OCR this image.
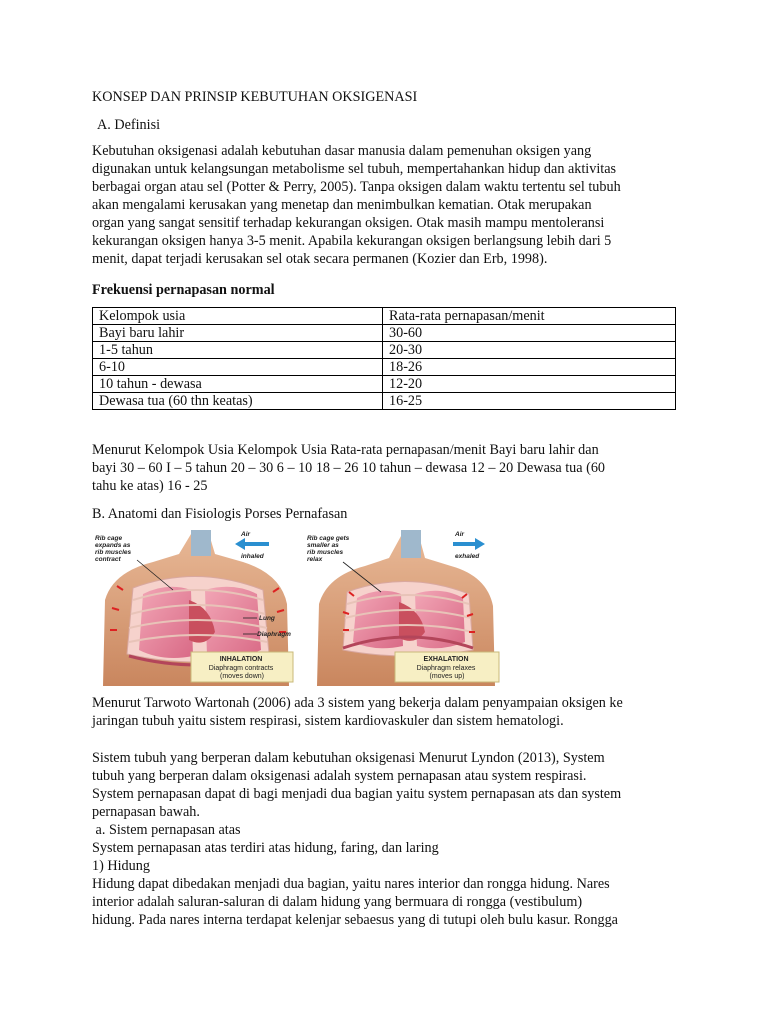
KONSEP DAN PRINSIP KEBUTUHAN OKSIGENASI

A. Definisi

Kebutuhan oksigenasi adalah kebutuhan dasar manusia dalam pemenuhan oksigen yang

digunakan untuk kelangsungan metabolisme sel tubuh, mempertahankan hidup dan aktivitas

berbagai organ atau sel (Potter & Perry, 2005). Tanpa oksigen dalam waktu tertentu sel tubuh

akan mengalami kerusakan yang menetap dan menimbulkan kematian. Otak merupakan

organ yang sangat sensitif terhadap kekurangan oksigen. Otak masih mampu mentoleransi

kekurangan oksigen hanya 3-5 menit. Apabila kekurangan oksigen berlangsung lebih dari 5

menit, dapat terjadi kerusakan sel otak secara permanen (Kozier dan Erb, 1998).

Frekuensi pernapasan normal

Kelompok usia	Rata-rata pernapasan/menit
Bayi baru lahir	30-60
1-5 tahun	20-30
6-10	18-26
10 tahun - dewasa	12-20
Dewasa tua (60 thn keatas)	16-25

Menurut Kelompok Usia Kelompok Usia Rata-rata pernapasan/menit Bayi baru lahir dan

bayi 30 – 60 I – 5 tahun 20 – 30 6 – 10 18 – 26 10 tahun – dewasa 12 – 20 Dewasa tua (60

tahu ke atas) 16 - 25

B. Anatomi dan Fisiologis Porses Pernafasan

Rib cage expands as rib muscles contract
Air inhaled
Lung
Diaphragm
INHALATION Diaphragm contracts (moves down)
Rib cage gets smaller as rib muscles relax
Air exhaled
EXHALATION Diaphragm relaxes (moves up)

Menurut Tarwoto Wartonah (2006) ada 3 sistem yang bekerja dalam penyampaian oksigen ke

jaringan tubuh yaitu sistem respirasi, sistem kardiovaskuler dan sistem hematologi.

Sistem tubuh yang berperan dalam kebutuhan oksigenasi Menurut Lyndon (2013), System

tubuh yang berperan dalam oksigenasi adalah system pernapasan atau system respirasi.

System pernapasan dapat di bagi menjadi dua bagian yaitu system pernapasan ats dan system

pernapasan bawah.

a. Sistem pernapasan atas

System pernapasan atas terdiri atas hidung, faring, dan laring

1) Hidung

Hidung dapat dibedakan menjadi dua bagian, yaitu nares interior dan rongga hidung. Nares

interior adalah saluran-saluran di dalam hidung yang bermuara di rongga (vestibulum)

hidung. Pada nares interna terdapat kelenjar sebaesus yang di tutupi oleh bulu kasur. Rongga
